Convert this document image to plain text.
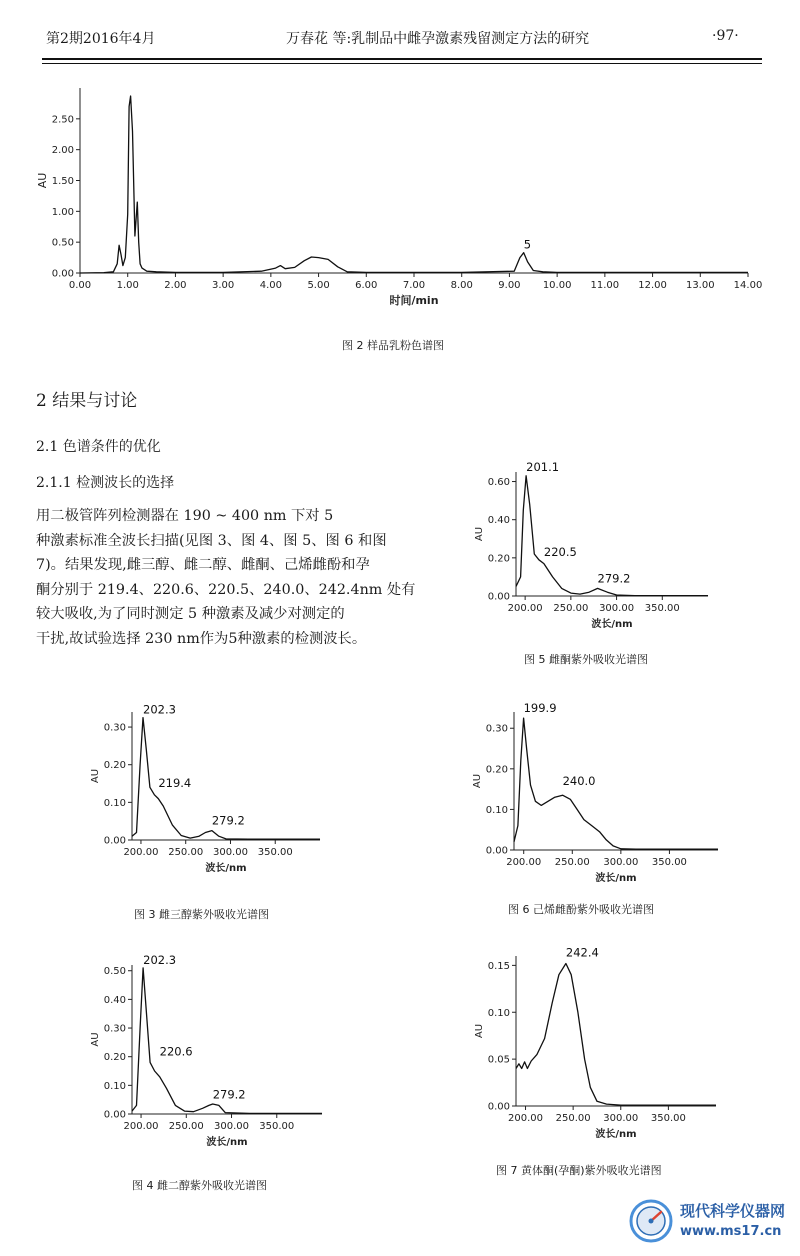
第2期2016年4月	万春花 等:乳制品中雌孕激素残留测定方法的研究	·97·
0.00	1.00	2.00	3.00	4.00	5.00	6.00	7.00	8.00	9.00 10.00 11.00 12.00 13.00 14.00
0.00
0.50
1.00
1.50
2.00
2.50
AU
时间/min
5
图 2 样品乳粉色谱图
2 结果与讨论
2.1 色谱条件的优化
2.1.1 检测波长的选择
用二极管阵列检测器在 190 ~ 400 nm 下对 5
种激素标准全波长扫描(见图 3、图 4、图 5、图 6 和图
7)。结果发现,雌三醇、雌二醇、雌酮、己烯雌酚和孕
酮分别于 219.4、220.6、220.5、240.0、242.4nm 处有
较大吸收,为了同时测定 5 种激素及减少对测定的
干扰,故试验选择 230 nm作为5种激素的检测波长。
200.00 250.00 300.00 350.00
0.00
0.20
0.40
0.60
AU
波长/nm
201.1
220.5
279.2
图 5 雌酮紫外吸收光谱图
200.00 250.00 300.00 350.00
0.00
0.10
0.20
0.30
AU
波长/nm
202.3
219.4
279.2
图 3 雌三醇紫外吸收光谱图
200.00 250.00 300.00 350.00
0.00
0.10
0.20
0.30
AU
波长/nm
199.9
240.0
图 6 己烯雌酚紫外吸收光谱图
200.00 250.00 300.00 350.00
0.00
0.10
0.20
0.30
0.40
0.50
AU
波长/nm
202.3
220.6
279.2
图 4 雌二醇紫外吸收光谱图
200.00 250.00 300.00 350.00
0.00
0.05
0.10
0.15
AU
波长/nm
242.4
图 7 黄体酮(孕酮)紫外吸收光谱图
现代科学仪器网
www.ms17.cn
